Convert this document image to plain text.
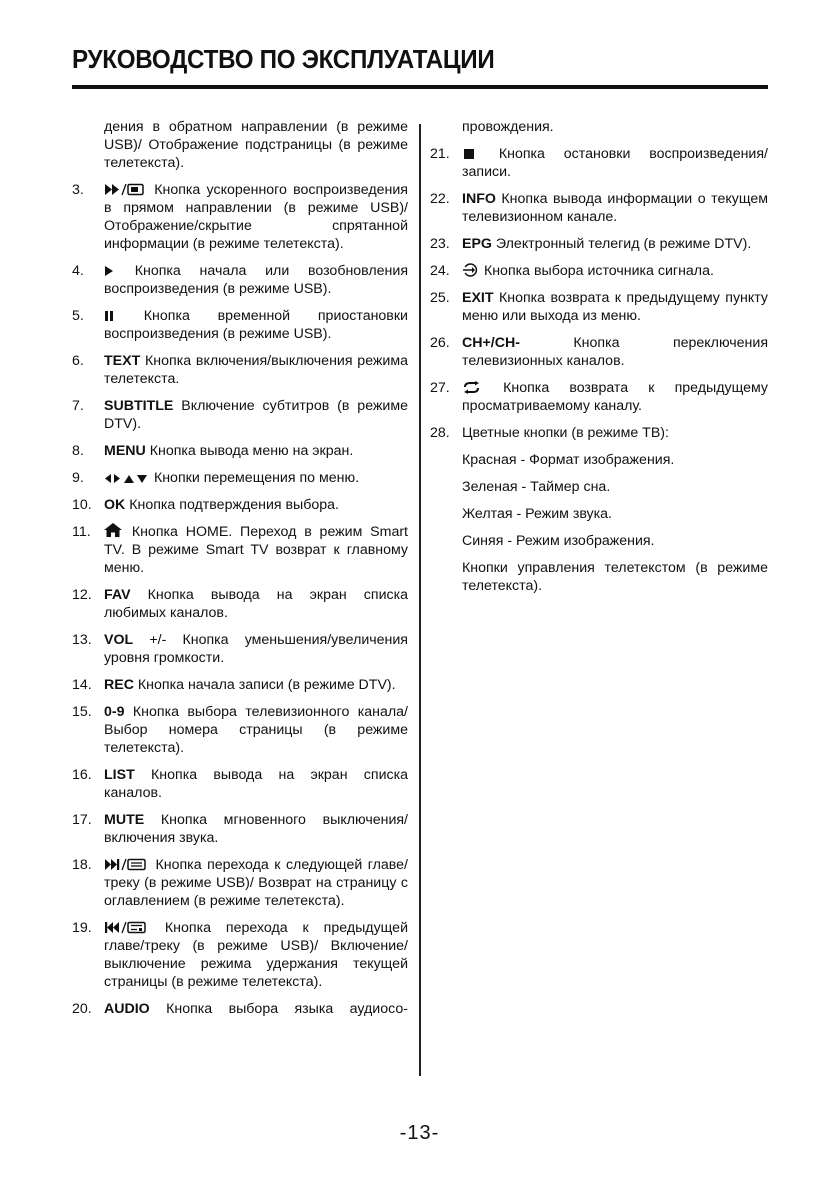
РУКОВОДСТВО ПО ЭКСПЛУАТАЦИИ
дения в обратном направлении (в режиме USB)/ Отображение подстраницы (в режиме телетекста).
3.	Кнопка ускоренного воспроизведения в прямом направлении (в режиме USB)/ Отображение/скрытие спрятанной информации (в режиме телетекста).
4.	Кнопка начала или возобновления воспроизведения (в режиме USB).
5.	Кнопка временной приостановки воспроизведения (в режиме USB).
6.	TEXT Кнопка включения/выключения режима телетекста.
7.	SUBTITLE Включение субтитров (в режиме DTV).
8.	MENU Кнопка вывода меню на экран.
9.	Кнопки перемещения по меню.
10. OK Кнопка подтверждения выбора.
11.	Кнопка HOME. Переход в режим Smart TV. В режиме Smart TV возврат к главному меню.
12. FAV Кнопка вывода на экран списка любимых каналов.
13. VOL +/- Кнопка уменьшения/увеличения уровня громкости.
14. REC Кнопка начала записи (в режиме DTV).
15. 0-9 Кнопка выбора телевизионного канала/ Выбор номера страницы (в режиме телетекста).
16. LIST Кнопка вывода на экран списка каналов.
17. MUTE Кнопка мгновенного выключения/включения звука.
18.	Кнопка перехода к следующей главе/треку (в режиме USB)/ Возврат на страницу с оглавлением (в режиме телетекста).
19.	Кнопка перехода к предыдущей главе/треку (в режиме USB)/ Включение/выключение режима удержания текущей страницы (в режиме телетекста).
20. AUDIO Кнопка выбора языка аудиосо-
провождения.
21.	Кнопка остановки воспроизведения/записи.
22. INFO Кнопка вывода информации о текущем телевизионном канале.
23. EPG Электронный телегид (в режиме DTV).
24.	Кнопка выбора источника сигнала.
25. EXIT Кнопка возврата к предыдущему пункту меню или выхода из меню.
26. CH+/CH-	Кнопка переключения телевизионных каналов.
27.	Кнопка возврата к предыдущему просматриваемому каналу.
28. Цветные кнопки (в режиме ТВ):
Красная - Формат изображения.
Зеленая - Таймер сна.
Желтая - Режим звука.
Синяя - Режим изображения.
Кнопки управления телетекстом (в режиме телетекста).
-13-
